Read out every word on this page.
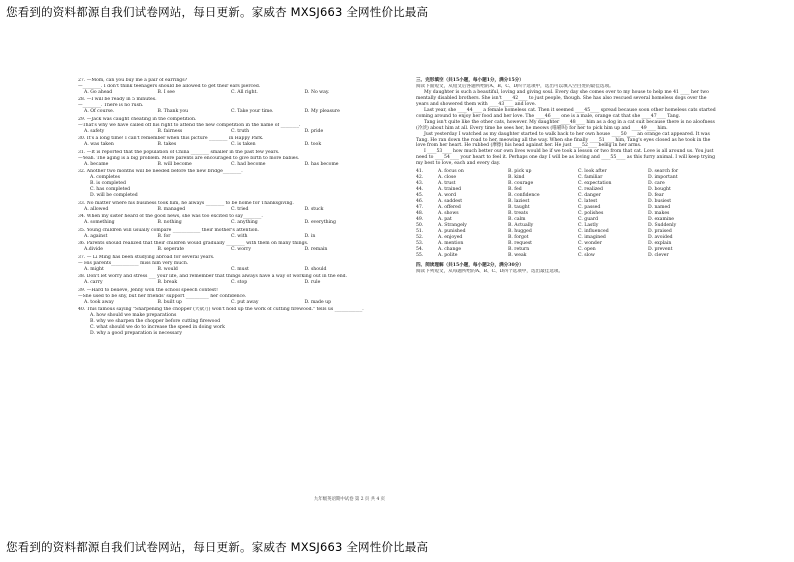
您看到的资料都源自我们试卷网站，每日更新。家威杏 MXSJ663 全网性价比最高
27. —Mom, can you buy me a pair of earrings?
—________. I don't think teenagers should be allowed to get their ears pierced.
A. Go ahead	B. I see	C. All right.	D. No way.
28. —I will be ready in 5 minutes.
—________. There is no rush.
A. Of course.	B. Thank you	C. Take your time.	D. My pleasure
29. —Jack was caught cheating in the competition.
—That's why we have called off his right to attend the new competition in the name of ________.
A. safety	B. fairness	C. truth	D. pride
30. It's a long time! I can't remember when this picture ________ in Happy Park.
A. was taken	B. takes	C. is taken	D. took
31. —It is reported that the population of China ________ smaller in the past few years.
—Yeah. The aging is a big problem. More parents are encouraged to give birth to more babies.
A. became	B. will become	C. had become	D. has become
32. Another two months will be needed before the new bridge________.
A. completes
B. is completed
C. has completed
D. will be completed
33. No matter where his business took him, he always ________ to be home for Thanksgiving.
A. allowed	B. managed	C. tried	D. stuck
34. When my sister heard of the good news, she was too excited to say________.
A. something	B. nothing	C. anything	D. everything
35. Young children will usually compare ____________ their mother's attention.
A. against	B. for	C. with	D. in
36. Parents should realized that their children would gradually ________ with them on many things.
A.divide	B. seperate	C. worry	D. remain
37. — Li Ming has been studying abroad for several years.
— His parents____________ miss him very much.
A. might	B. would	C. must	D. should
38. Don't let worry and stress ___ your life, and remember that things always have a way of working out in the end.
A. carry	B. break	C. stop	D. rule
39. —Hard to believe, Jenny won the school speech contest!
—She used to be shy, but her friends' support __________ her confidence.
A. took away	B. built up	C. put away	D. made up
40. This famous saying "Sharpening the chopper (大砍刀) won't hold up the work of cutting firewood." tells us ____________.
A. how should we make preparations
B. why we sharpen the chopper before cutting firewood
C. what should we do to increase the speed in doing work
D. why a good preparation is necessary
三、完形填空（共15小题，每小题1分，满分15分）
阅读下面短文，从短文后各题所给的A、B、C、D四个选项中，选出可以填入空白处的最佳选项。

My daughter is such a beautiful, loving and giving soul. Every day she comes over to my house to help me 41 ____ her two mentally disabled brothers. She isn't ____42____ to just people, though. She has also rescued several homeless dogs over the years and showered them with ____43____ and love.

Last year, she ____44____ a female homeless cat. Then it seemed ____45____ spread because soon other homeless cats started coming around to enjoy her food and her love. The ____46____ one is a male, orange cat that she ____47____ Tang.

Tang isn't quite like the other cats, however. My daughter ____48____ him as a dog in a cat suit because there is no aloofness (冷淡) about him at all. Every time he sees her, he meows (喵喵叫) for her to pick him up and ____49____ him.

Just yesterday I watched as my daughter started to walk back to her own house ____50____ an orange cat appeared. It was Tang. He ran down the road to her, meowing all the way. When she finally ____51____ him, Tang's eyes closed as he took in the love from her heart. He rubbed (摩擦) his head against her. He just ____52____ being in her arms.

I ____53____ how much better our own lives would be if we took a lesson or two from that cat. Love is all around us. You just need to ____54____ your heart to feel it. Perhaps one day I will be as loving and ____55____ as this furry animal. I will keep trying my best to love, each and every day.

41.	A. focus on	B. pick up	C. look after	D. search for
42.	A. close	B. kind	C. familiar	D. important
43.	A. trust	B. courage	C. expectation	D. care
44.	A. trained	B. fed	C. realized	D. bought
45.	A. word	B. confidence	C. danger	D. fear
46.	A. saddest	B. laziest	C. latest	D. busiest
47.	A. offered	B. taught	C. passed	D. named
48.	A. shows	B. treats	C. polishes	D. makes
49.	A. pat	B. calm	C. guard	D. examine
50.	A. Strangely	B. Actually	C. Lastly	D. Suddenly
51.	A. punished	B. hugged	C. influenced	D. praised
52.	A. enjoyed	B. forgot	C. imagined	D. avoided
53.	A. mention	B. request	C. wonder	D. explain
54.	A. change	B. return	C. open	D. prevent
55.	A. polite	B. weak	C. slow	D. clever
四、阅读理解（共15小题，每小题2分，满分30分）
阅读下列短文，从每题所给的A、B、C、D四个选项中，选出最佳选项。
九年级英语期中试卷 第 2 页 共 4 页
您看到的资料都源自我们试卷网站，每日更新。家威杏 MXSJ663 全网性价比最高
